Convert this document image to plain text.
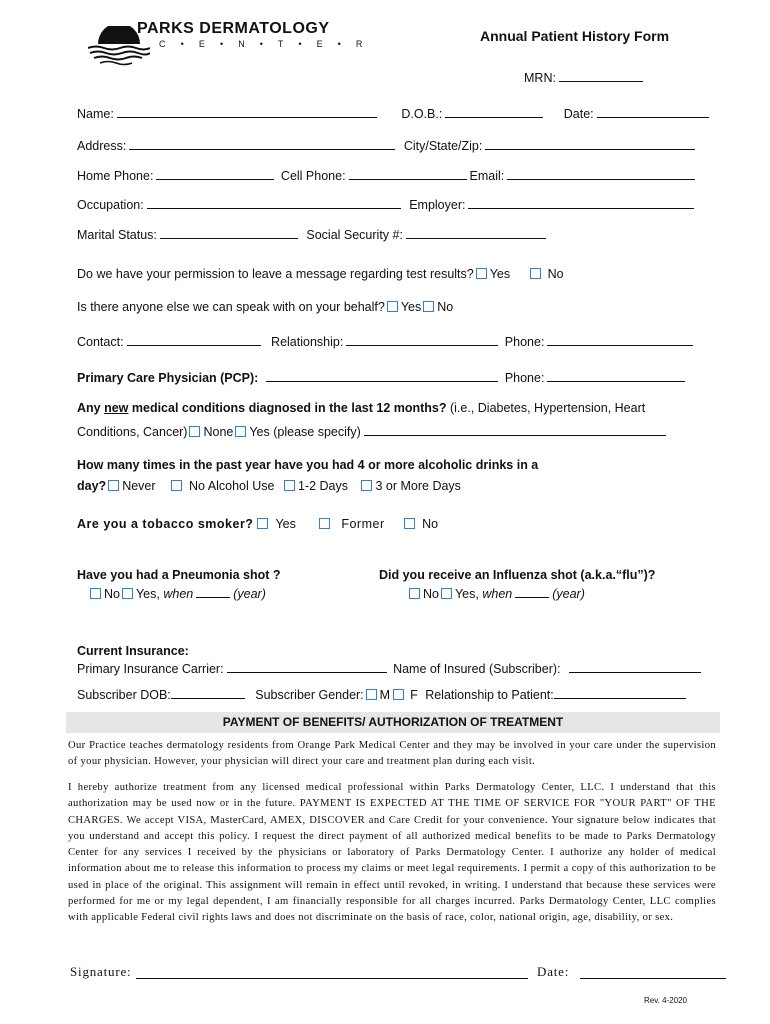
PARKS DERMATOLOGY
C • E • N • T • E • R	Annual Patient History Form
MRN:
Name:	D.O.B.:	Date:
Address:	City/State/Zip:
Home Phone:	Cell Phone:	Email:
Occupation:	Employer:
Marital Status:	Social Security #:
Do we have your permission to leave a message regarding test results? Yes	No
Is there anyone else we can speak with on your behalf? Yes No
Contact:	Relationship:	Phone:
Primary Care Physician (PCP):	Phone:
Any new medical conditions diagnosed in the last 12 months? (i.e., Diabetes, Hypertension, Heart
Conditions, Cancer) None Yes (please specify)
How many times in the past year have you had 4 or more alcoholic drinks in a
day? Never	No Alcohol Use 1-2 Days 3 or More Days
Are you a tobacco smoker? Yes	Former	No
Have you had a Pneumonia shot ?
No Yes, when	(year)
Did you receive an Influenza shot (a.k.a.“flu”)?
No Yes, when	(year)
Current Insurance:
Primary Insurance Carrier:	Name of Insured (Subscriber):
Subscriber DOB:	Subscriber Gender: M F Relationship to Patient:
PAYMENT OF BENEFITS/ AUTHORIZATION OF TREATMENT
Our Practice teaches dermatology residents from Orange Park Medical Center and they may be involved in your care under the supervision of your physician. However, your physician will direct your care and treatment plan during each visit.
I hereby authorize treatment from any licensed medical professional within Parks Dermatology Center, LLC. I understand that this authorization may be used now or in the future. PAYMENT IS EXPECTED AT THE TIME OF SERVICE FOR "YOUR PART" OF THE CHARGES. We accept VISA, MasterCard, AMEX, DISCOVER and Care Credit for your convenience. Your signature below indicates that you understand and accept this policy. I request the direct payment of all authorized medical benefits to be made to Parks Dermatology Center for any services I received by the physicians or laboratory of Parks Dermatology Center. I authorize any holder of medical information about me to release this information to process my claims or meet legal requirements. I permit a copy of this authorization to be used in place of the original. This assignment will remain in effect until revoked, in writing. I understand that because these services were performed for me or my legal dependent, I am financially responsible for all charges incurred. Parks Dermatology Center, LLC complies with applicable Federal civil rights laws and does not discriminate on the basis of race, color, national origin, age, disability, or sex.
Signature:	Date:
Rev. 4-2020
